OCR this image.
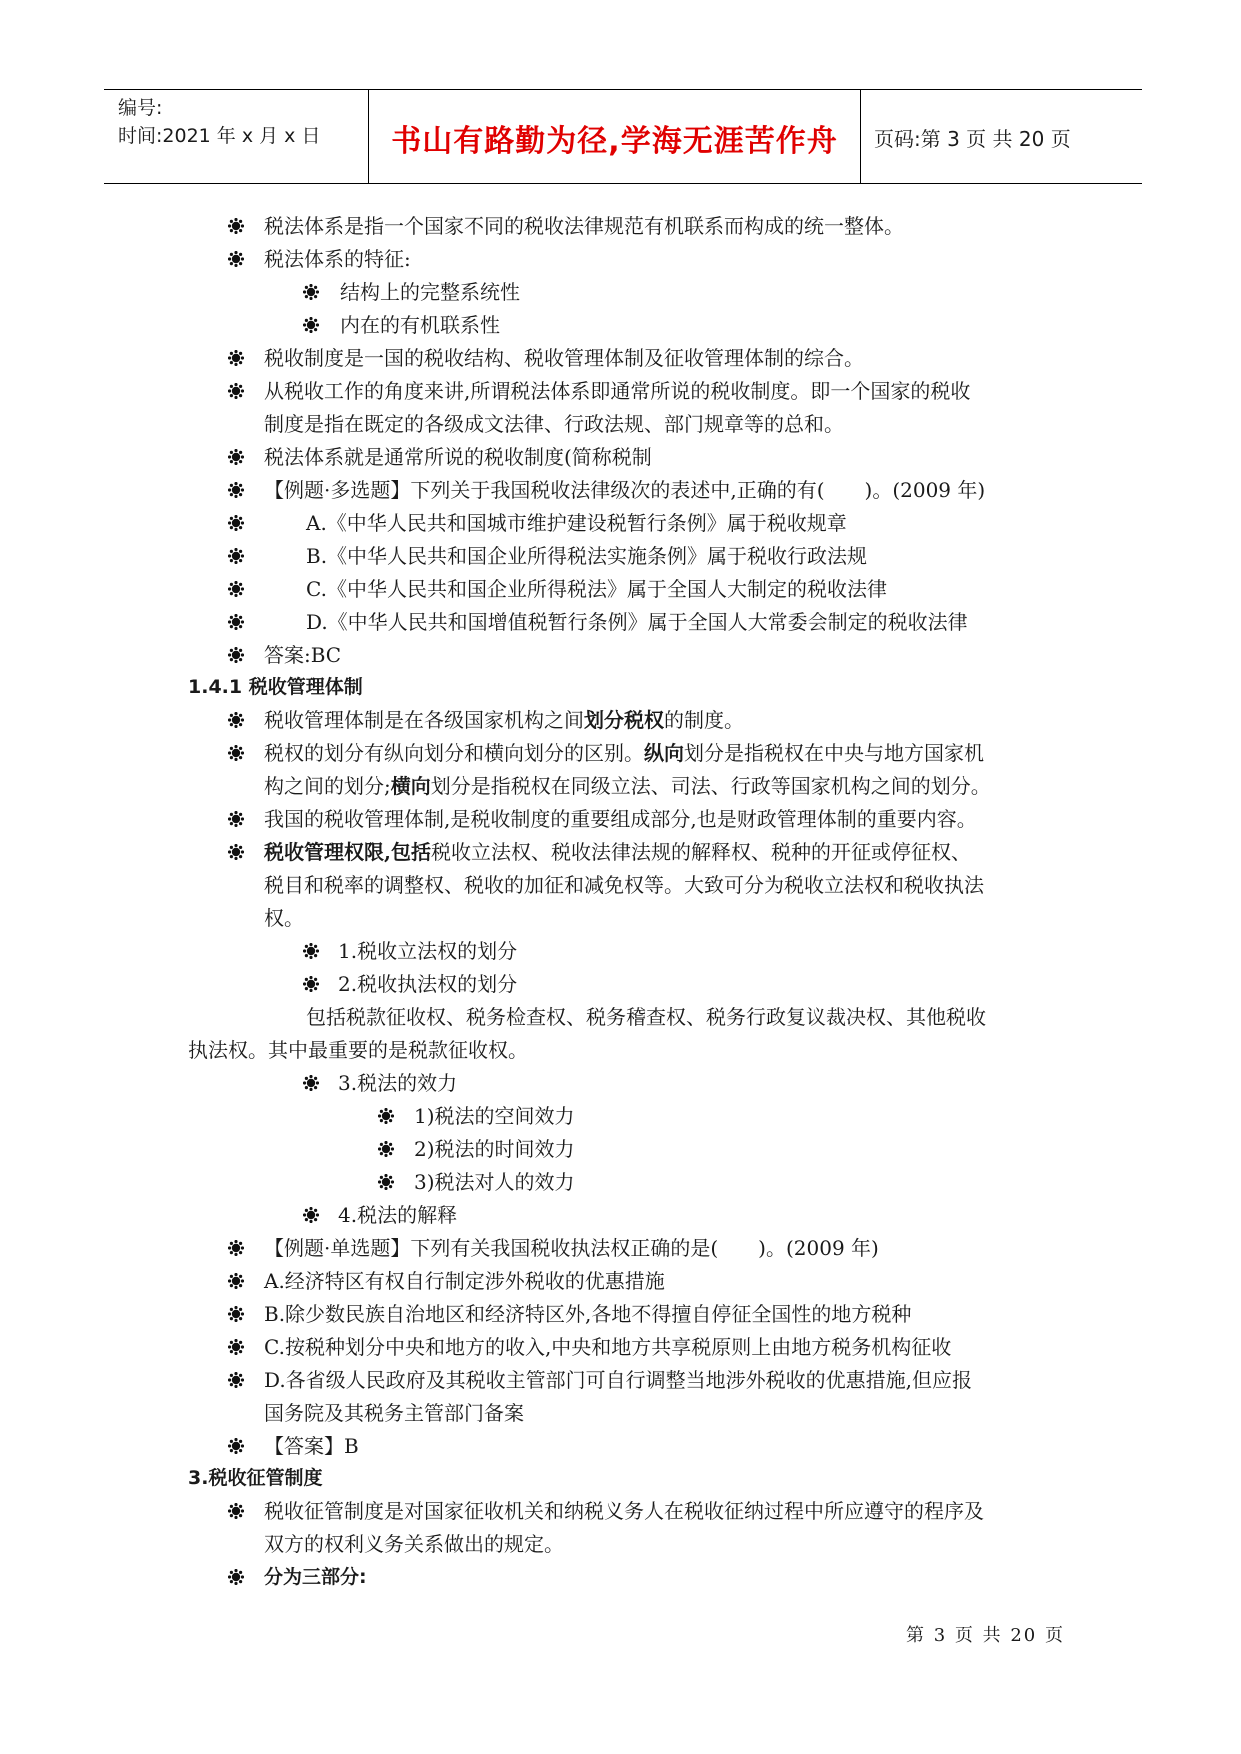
编号:
时间:2021 年 x 月 x 日	书山有路勤为径,学海无涯苦作舟	页码:第 3 页 共 20 页
税法体系是指一个国家不同的税收法律规范有机联系而构成的统一整体。
税法体系的特征:
结构上的完整系统性
内在的有机联系性
税收制度是一国的税收结构、税收管理体制及征收管理体制的综合。
从税收工作的角度来讲,所谓税法体系即通常所说的税收制度。即一个国家的税收
制度是指在既定的各级成文法律、行政法规、部门规章等的总和。
税法体系就是通常所说的税收制度(简称税制
【例题·多选题】下列关于我国税收法律级次的表述中,正确的有(　　)。(2009 年)
A.《中华人民共和国城市维护建设税暂行条例》属于税收规章
B.《中华人民共和国企业所得税法实施条例》属于税收行政法规
C.《中华人民共和国企业所得税法》属于全国人大制定的税收法律
D.《中华人民共和国增值税暂行条例》属于全国人大常委会制定的税收法律
答案:BC
1.4.1 税收管理体制
税收管理体制是在各级国家机构之间划分税权的制度。
税权的划分有纵向划分和横向划分的区别。纵向划分是指税权在中央与地方国家机
构之间的划分;横向划分是指税权在同级立法、司法、行政等国家机构之间的划分。
我国的税收管理体制,是税收制度的重要组成部分,也是财政管理体制的重要内容。
税收管理权限,包括税收立法权、税收法律法规的解释权、税种的开征或停征权、
税目和税率的调整权、税收的加征和减免权等。大致可分为税收立法权和税收执法
权。
1.税收立法权的划分
2.税收执法权的划分
包括税款征收权、税务检查权、税务稽查权、税务行政复议裁决权、其他税收
执法权。其中最重要的是税款征收权。
3.税法的效力
1)税法的空间效力
2)税法的时间效力
3)税法对人的效力
4.税法的解释
【例题·单选题】下列有关我国税收执法权正确的是(　　)。(2009 年)
A.经济特区有权自行制定涉外税收的优惠措施
B.除少数民族自治地区和经济特区外,各地不得擅自停征全国性的地方税种
C.按税种划分中央和地方的收入,中央和地方共享税原则上由地方税务机构征收
D.各省级人民政府及其税收主管部门可自行调整当地涉外税收的优惠措施,但应报
国务院及其税务主管部门备案
【答案】B
3.税收征管制度
税收征管制度是对国家征收机关和纳税义务人在税收征纳过程中所应遵守的程序及
双方的权利义务关系做出的规定。
分为三部分:
第 3 页 共 20 页
